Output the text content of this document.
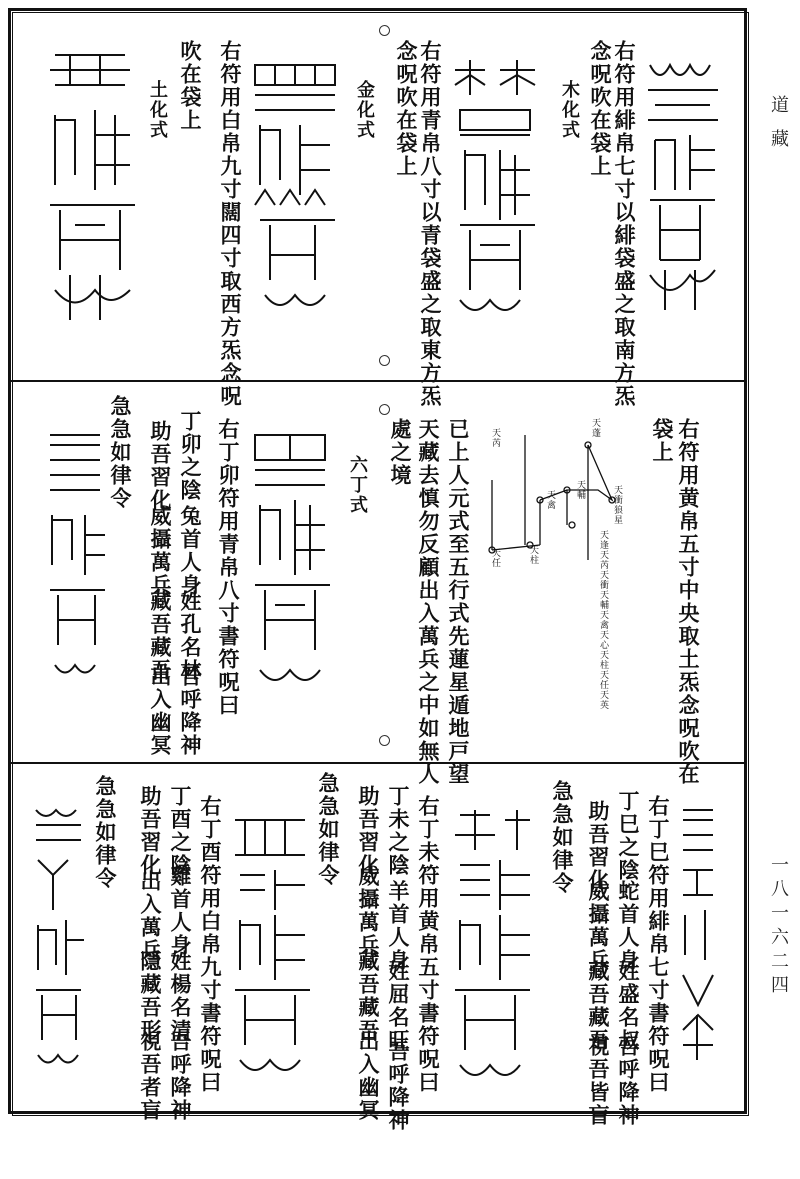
道藏
一八一六二四
右符用緋帛七寸以緋袋盛之取南方炁
念呪吹在袋上
木化式
右符用青帛八寸以青袋盛之取東方炁
念呪吹在袋上
金化式
右符用白帛九寸闊四寸取西方炁念呪
吹在袋上
土化式
右符用黄帛五寸中央取土炁念呪吹在
袋上
天逢天芮天衝天輔天禽天心天柱天任天英
天衝狼星
天輔
天禽
天柱
天任
天蓬
天芮
已上人元式至五行式先蓮星遁地戸望
天藏去慎勿反顧出入萬兵之中如無人
處之境
六丁式
右丁卯符用青帛八寸書符呪曰
丁卯之陰
兔首人身
姓孔名林
吾呼降神
助吾習化
威攝萬兵
藏吾藏吾
出入幽冥
急急如律令
右丁巳符用緋帛七寸書符呪曰
丁巳之陰
蛇首人身
姓盛名叔
吾呼降神
助吾習化
威攝萬兵
藏吾藏吾
視吾皆盲
急急如律令
右丁未符用黄帛五寸書符呪曰
丁未之陰
羊首人身
姓屈名旺
吾呼降神
助吾習化
威攝萬兵
藏吾藏吾
出入幽冥
急急如律令
右丁酉符用白帛九寸書符呪曰
丁酉之陰
雞首人身
姓楊名清
吾呼降神
助吾習化
出入萬兵
隱藏吾形
視吾者盲
急急如律令
